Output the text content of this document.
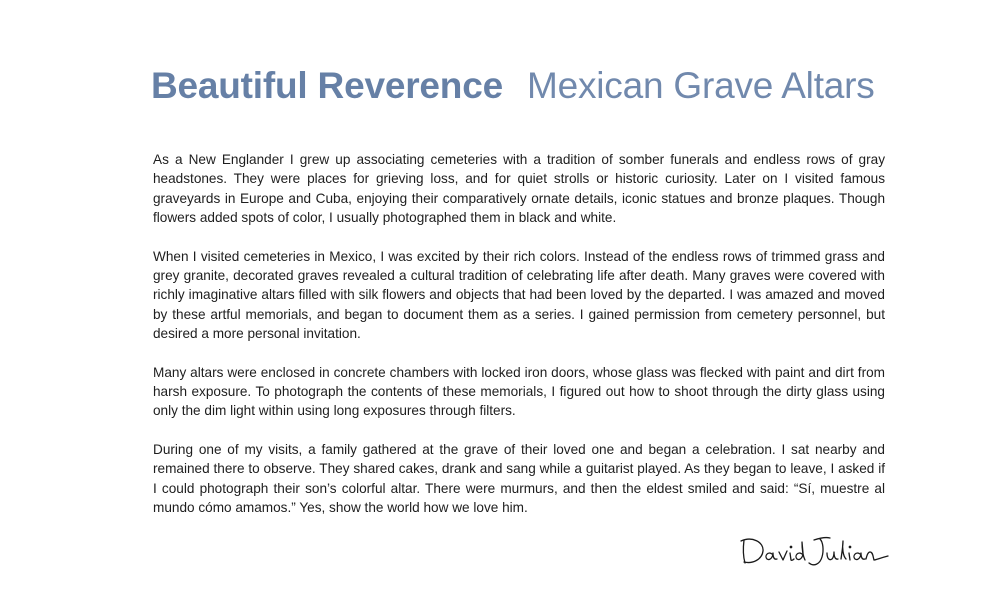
Beautiful Reverence Mexican Grave Altars

As a New Englander I grew up associating cemeteries with a tradition of somber funerals and endless rows of gray headstones. They were places for grieving loss, and for quiet strolls or historic curiosity. Later on I visited famous graveyards in Europe and Cuba, enjoying their comparatively ornate details, iconic statues and bronze plaques. Though flowers added spots of color, I usually photographed them in black and white.

When I visited cemeteries in Mexico, I was excited by their rich colors. Instead of the endless rows of trimmed grass and grey granite, decorated graves revealed a cultural tradition of celebrating life after death. Many graves were covered with richly imaginative altars filled with silk flowers and objects that had been loved by the departed. I was amazed and moved by these artful memorials, and began to document them as a series. I gained permission from cemetery personnel, but desired a more personal invitation.

Many altars were enclosed in concrete chambers with locked iron doors, whose glass was flecked with paint and dirt from harsh exposure. To photograph the contents of these memorials, I figured out how to shoot through the dirty glass using only the dim light within using long exposures through filters.

During one of my visits, a family gathered at the grave of their loved one and began a celebration. I sat nearby and remained there to observe. They shared cakes, drank and sang while a guitarist played. As they began to leave, I asked if I could photograph their son’s colorful altar. There were murmurs, and then the eldest smiled and said: “Sí, muestre al mundo cómo amamos.” Yes, show the world how we love him.
